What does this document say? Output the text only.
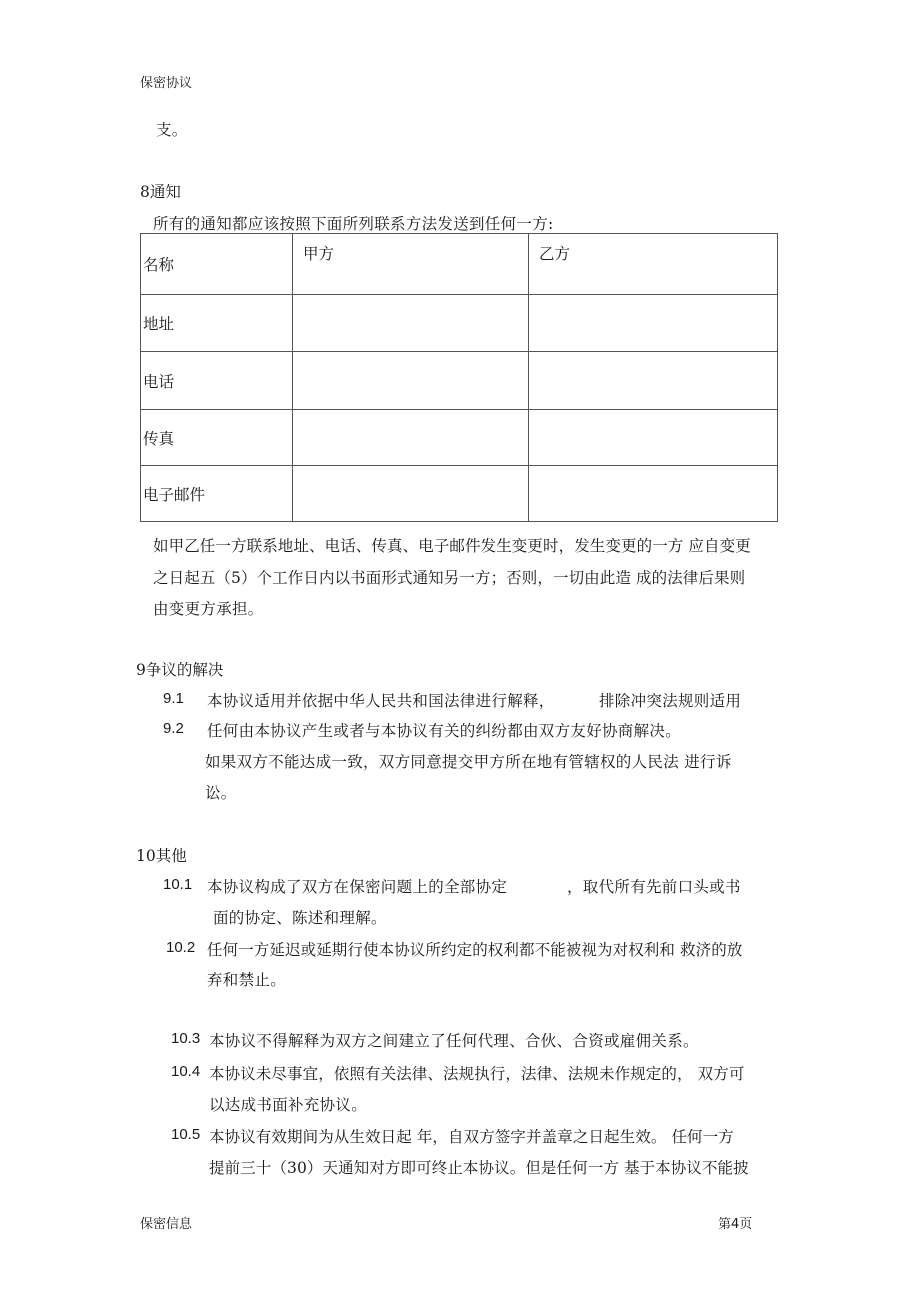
保密协议
支。
8通知
所有的通知都应该按照下面所列联系方法发送到任何一方:
名称	甲方	乙方
地址		
电话		
传真		
电子邮件		
如甲乙任一方联系地址、电话、传真、电子邮件发生变更时，发生变更的一方 应自变更
之日起五（5）个工作日内以书面形式通知另一方；否则，一切由此造 成的法律后果则
由变更方承担。
9争议的解决
9.1 本协议适用并依据中华人民共和国法律进行解释，	排除冲突法规则适用
9.2 任何由本协议产生或者与本协议有关的纠纷都由双方友好协商解决。
如果双方不能达成一致，双方同意提交甲方所在地有管辖权的人民法 进行诉
讼。
10其他
10.1 本协议构成了双方在保密问题上的全部协定	，取代所有先前口头或书
面的协定、陈述和理解。
10.2 任何一方延迟或延期行使本协议所约定的权利都不能被视为对权利和 救济的放
弃和禁止。
10.3 本协议不得解释为双方之间建立了任何代理、合伙、合资或雇佣关系。
10.4 本协议未尽事宜，依照有关法律、法规执行，法律、法规未作规定的， 双方可
以达成书面补充协议。
10.5 本协议有效期间为从生效日起 年，自双方签字并盖章之日起生效。 任何一方
提前三十（30）天通知对方即可终止本协议。但是任何一方 基于本协议不能披
保密信息	第4页
